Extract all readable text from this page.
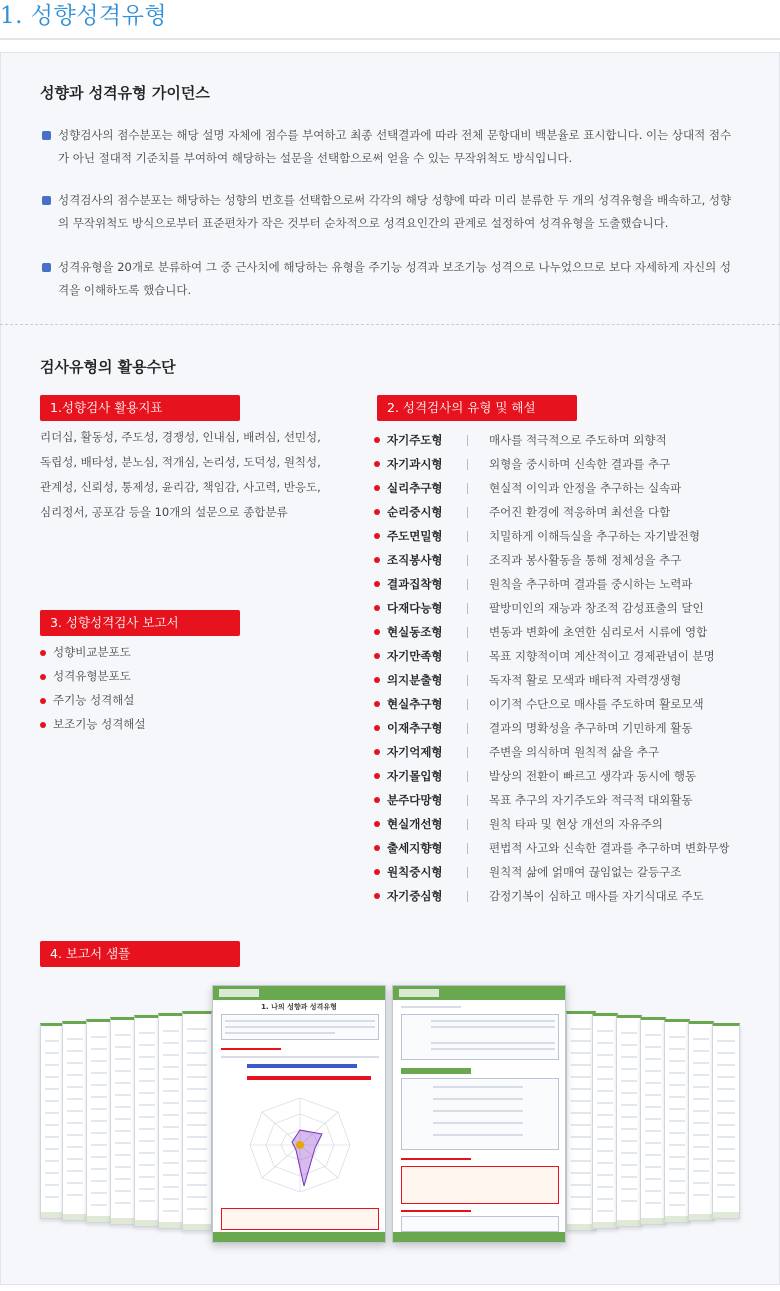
1. 성향성격유형
성향과 성격유형 가이던스
성향검사의 점수분포는 해당 설명 자체에 점수를 부여하고 최종 선택결과에 따라 전체 문항대비 백분율로 표시합니다. 이는 상대적 점수가 아닌 절대적 기준치를 부여하여 해당하는 설문을 선택함으로써 얻을 수 있는 무작위척도 방식입니다.
성격검사의 점수분포는 해당하는 성향의 번호를 선택함으로써 각각의 해당 성향에 따라 미리 분류한 두 개의 성격유형을 배속하고, 성향의 무작위척도 방식으로부터 표준편차가 작은 것부터 순차적으로 성격요인간의 관계로 설정하여 성격유형을 도출했습니다.
성격유형을 20개로 분류하여 그 중 근사치에 해당하는 유형을 주기능 성격과 보조기능 성격으로 나누었으므로 보다 자세하게 자신의 성격을 이해하도록 했습니다.
검사유형의 활용수단
1.성향검사 활용지표
리더십, 활동성, 주도성, 경쟁성, 인내심, 배려심, 선민성, 독립성, 배타성, 분노심, 적개심, 논리성, 도덕성, 원칙성, 관계성, 신뢰성, 통제성, 윤리감, 책임감, 사고력, 반응도, 심리정서, 공포감 등을 10개의 설문으로 종합분류
2. 성격검사의 유형 및 해설
자기주도형	매사를 적극적으로 주도하며 외향적
자기과시형	외형을 중시하며 신속한 결과를 추구
실리추구형	현실적 이익과 안정을 추구하는 실속파
순리중시형	주어진 환경에 적응하며 최선을 다함
주도면밀형	치밀하게 이해득실을 추구하는 자기발전형
조직봉사형	조직과 봉사활동을 통해 정체성을 추구
결과집착형	원칙을 추구하며 결과를 중시하는 노력파
다재다능형	팔방미인의 재능과 창조적 감성표출의 달인
현실동조형	변동과 변화에 초연한 심리로서 시류에 영합
자기만족형	목표 지향적이며 계산적이고 경제관념이 분명
의지분출형	독자적 활로 모색과 배타적 자력갱생형
현실추구형	이기적 수단으로 매사를 주도하며 활로모색
이재추구형	결과의 명확성을 추구하며 기민하게 활동
자기억제형	주변을 의식하며 원칙적 삶을 추구
자기몰입형	발상의 전환이 빠르고 생각과 동시에 행동
분주다망형	목표 추구의 자기주도와 적극적 대외활동
현실개선형	원칙 타파 및 현상 개선의 자유주의
출세지향형	편법적 사고와 신속한 결과를 추구하며 변화무쌍
원칙중시형	원칙적 삶에 얽매여 끊임없는 갈등구조
자기중심형	감정기복이 심하고 매사를 자기식대로 주도
3. 성향성격검사 보고서
성향비교분포도
성격유형분포도
주기능 성격해설
보조기능 성격해설
4. 보고서 샘플
1. 나의 성향과 성격유형
